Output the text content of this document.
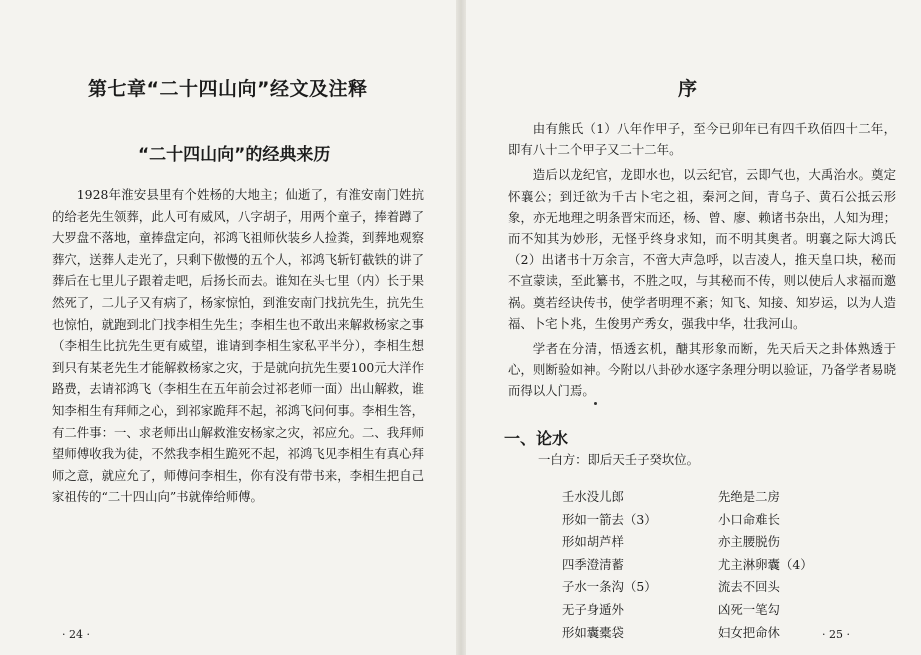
第七章“二十四山向”经文及注释
“二十四山向”的经典来历

1928年淮安县里有个姓杨的大地主；仙逝了，有淮安南门姓抗的给老先生领葬，此人可有威风，八字胡子，用两个童子，捧着蹲了大罗盘不落地，童捧盘定向，祁鸿飞祖师伙装乡人捡粪，到葬地观察葬穴，送葬人走光了，只剩下傲慢的五个人，祁鸿飞斩钉截铁的讲了葬后在七里儿子跟着走吧，后扬长而去。谁知在头七里（内）长于果然死了，二儿子又有病了，杨家惊怕，到淮安南门找抗先生，抗先生也惊怕，就跑到北门找李相生先生；李相生也不敢出来解救杨家之事（李相生比抗先生更有威望，谁请到李相生家私平半分），李相生想到只有某老先生才能解救杨家之灾，于是就向抗先生要100元大洋作路费，去请祁鸿飞（李相生在五年前会过祁老师一面）出山解救，谁知李相生有拜师之心，到祁家跪拜不起，祁鸿飞问何事。李相生答，有二件事：一、求老师出山解救淮安杨家之灾，祁应允。二、我拜师望师傅收我为徒，不然我李相生跪死不起，祁鸿飞见李相生有真心拜师之意，就应允了，师傅问李相生，你有没有带书来，李相生把自己家祖传的“二十四山向”书就俸给师傅。

· 24 ·
序

由有熊氏（1）八年作甲子，至今已卯年已有四千玖佰四十二年，即有八十二个甲子又二十二年。

造后以龙纪官，龙即水也，以云纪官，云即气也，大禹治水。奠定怀襄公；到迁欲为千古卜宅之祖，秦河之间，青乌子、黄石公抵云形象，亦无地理之明条晋宋而还，杨、曾、廖、赖诸书杂出，人知为理；而不知其为妙形，无怪乎终身求知，而不明其奥者。明襄之际大鸿氏（2）出诸书十万余言，不啻大声急呼，以吉凌人，推天皇口块，秘而不宣蒙读，至此纂书，不胜之叹，与其秘而不传，则以使后人求福而邀祸。奠若经诀传书，使学者明理不紊；知飞、知接、知岁运，以为人造福、卜宅卜兆，生俊男产秀女，强我中华，壮我河山。

学者在分清，悟透玄机，醣其形象而断，先天后天之卦体熟透于心，则断验如神。今附以八卦砂水逐字条理分明以验证，乃备学者易晓而得以人门焉。

一、论水
一白方：即后天壬子癸坎位。
壬水没儿郎
形如一箭去（3）
形如胡芦样
四季澄清蓄
子水一条沟（5）
无子身遁外
形如囊橐袋
先绝是二房
小口命难长
亦主腰脱伤
尤主淋卵囊（4）
流去不回头
凶死一笔勾
妇女把命休	· 25 ·
